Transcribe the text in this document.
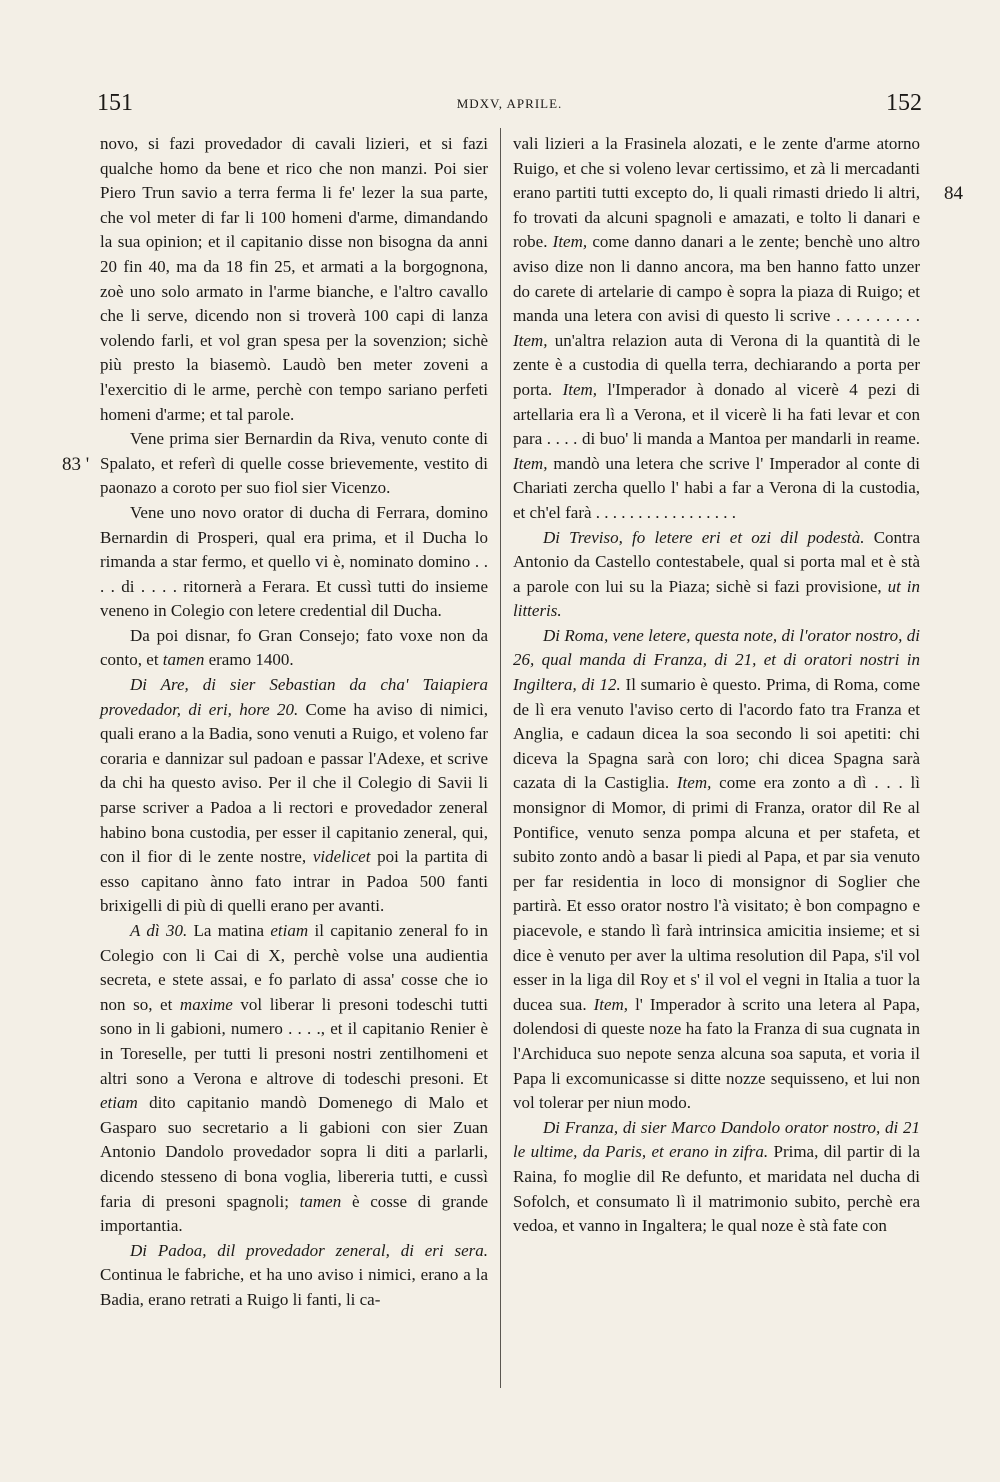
151	MDXV, APRILE.	152

novo, si fazi provedador di cavali lizieri, et si fazi qualche homo da bene et rico che non manzi. Poi sier Piero Trun savio a terra ferma li fe' lezer la sua parte, che vol meter di far li 100 homeni d'arme, dimandando la sua opinion; et il capitanio disse non bisogna da anni 20 fin 40, ma da 18 fin 25, et armati a la borgognona, zoè uno solo armato in l'arme bianche, e l'altro cavallo che li serve, dicendo non si troverà 100 capi di lanza volendo farli, et vol gran spesa per la sovenzion; sichè più presto la biasemò. Laudò ben meter zoveni a l'exercitio di le arme, perchè con tempo sariano perfeti homeni d'arme; et tal parole.

Vene prima sier Bernardin da Riva, venuto conte di Spalato, et referì di quelle cosse brievemente, vestito di paonazo a coroto per suo fiol sier Vicenzo.

Vene uno novo orator di ducha di Ferrara, domino Bernardin di Prosperi, qual era prima, et il Ducha lo rimanda a star fermo, et quello vi è, nominato domino . . . . di . . . . ritornerà a Ferara. Et cussì tutti do insieme veneno in Colegio con letere credential dil Ducha.

Da poi disnar, fo Gran Consejo; fato voxe non da conto, et tamen eramo 1400.

Di Are, di sier Sebastian da cha' Taiapiera provedador, di eri, hore 20. Come ha aviso di nimici, quali erano a la Badia, sono venuti a Ruigo, et voleno far coraria e dannizar sul padoan e passar l'Adexe, et scrive da chi ha questo aviso. Per il che il Colegio di Savii li parse scriver a Padoa a li rectori e provedador zeneral habino bona custodia, per esser il capitanio zeneral, qui, con il fior di le zente nostre, videlicet poi la partita di esso capitano ànno fato intrar in Padoa 500 fanti brixigelli di più di quelli erano per avanti.

A dì 30. La matina etiam il capitanio zeneral fo in Colegio con li Cai di X, perchè volse una audientia secreta, e stete assai, e fo parlato di assa' cosse che io non so, et maxime vol liberar li presoni todeschi tutti sono in li gabioni, numero . . . ., et il capitanio Renier è in Toreselle, per tutti li presoni nostri zentilhomeni et altri sono a Verona e altrove di todeschi presoni. Et etiam dito capitanio mandò Domenego di Malo et Gasparo suo secretario a li gabioni con sier Zuan Antonio Dandolo provedador sopra li diti a parlarli, dicendo stesseno di bona voglia, libereria tutti, e cussì faria di presoni spagnoli; tamen è cosse di grande importantia.

Di Padoa, dil provedador zeneral, di eri sera. Continua le fabriche, et ha uno aviso i nimici, erano a la Badia, erano retrati a Ruigo li fanti, li ca-

vali lizieri a la Frasinela alozati, e le zente d'arme atorno Ruigo, et che si voleno levar certissimo, et zà li mercadanti erano partiti tutti excepto do, li quali rimasti driedo li altri, fo trovati da alcuni spagnoli e amazati, e tolto li danari e robe. Item, come danno danari a le zente; benchè uno altro aviso dize non li danno ancora, ma ben hanno fatto unzer do carete di artelarie di campo è sopra la piaza di Ruigo; et manda una letera con avisi di questo li scrive . . . . . . . . . Item, un'altra relazion auta di Verona di la quantità di le zente è a custodia di quella terra, dechiarando a porta per porta. Item, l'Imperador à donado al vicerè 4 pezi di artellaria era lì a Verona, et il vicerè li ha fati levar et con para . . . . di buo' li manda a Mantoa per mandarli in reame. Item, mandò una letera che scrive l' Imperador al conte di Chariati zercha quello l' habi a far a Verona di la custodia, et ch'el farà . . . . . . . . . . . . . . . . .

Di Treviso, fo letere eri et ozi dil podestà. Contra Antonio da Castello contestabele, qual si porta mal et è stà a parole con lui su la Piaza; sichè si fazi provisione, ut in litteris.

Di Roma, vene letere, questa note, di l'orator nostro, di 26, qual manda di Franza, di 21, et di oratori nostri in Ingiltera, di 12. Il sumario è questo. Prima, di Roma, come de lì era venuto l'aviso certo di l'acordo fato tra Franza et Anglia, e cadaun dicea la soa secondo li soi apetiti: chi diceva la Spagna sarà con loro; chi dicea Spagna sarà cazata di la Castiglia. Item, come era zonto a dì . . . lì monsignor di Momor, di primi di Franza, orator dil Re al Pontifice, venuto senza pompa alcuna et per stafeta, et subito zonto andò a basar li piedi al Papa, et par sia venuto per far residentia in loco di monsignor di Soglier che partirà. Et esso orator nostro l'à visitato; è bon compagno e piacevole, e stando lì farà intrinsica amicitia insieme; et si dice è venuto per aver la ultima resolution dil Papa, s'il vol esser in la liga dil Roy et s' il vol el vegni in Italia a tuor la ducea sua. Item, l' Imperador à scrito una letera al Papa, dolendosi di queste noze ha fato la Franza di sua cugnata in l'Archiduca suo nepote senza alcuna soa saputa, et voria il Papa li excomunicasse si ditte nozze sequisseno, et lui non vol tolerar per niun modo.

Di Franza, di sier Marco Dandolo orator nostro, di 21 le ultime, da Paris, et erano in zifra. Prima, dil partir di la Raina, fo moglie dil Re defunto, et maridata nel ducha di Sofolch, et consumato lì il matrimonio subito, perchè era vedoa, et vanno in Ingaltera; le qual noze è stà fate con

83 '
84
